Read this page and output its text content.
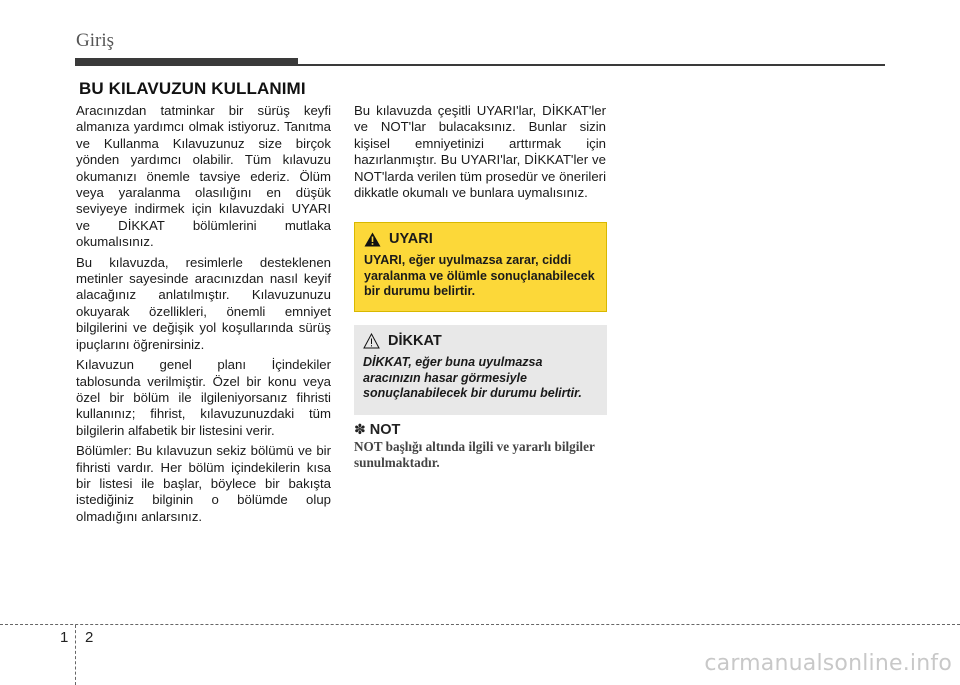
Giriş
BU KILAVUZUN KULLANIMI

Aracınızdan tatminkar bir sürüş keyfi almanıza yardımcı olmak istiyoruz. Tanıtma ve Kullanma Kılavuzunuz size birçok yönden yardımcı olabilir. Tüm kılavuzu okumanızı önemle tavsiye ederiz. Ölüm veya yaralanma olasılığını en düşük seviyeye indirmek için kılavuzdaki UYARI ve DİKKAT bölümlerini mutlaka okumalısınız.

Bu kılavuzda, resimlerle desteklenen metinler sayesinde aracınızdan nasıl keyif alacağınız anlatılmıştır. Kılavuzunuzu okuyarak özellikleri, önemli emniyet bilgilerini ve değişik yol koşullarında sürüş ipuçlarını öğrenirsiniz.

Kılavuzun genel planı İçindekiler tablosunda verilmiştir. Özel bir konu veya özel bir bölüm ile ilgileniyorsanız fihristi kullanınız; fihrist, kılavuzunuzdaki tüm bilgilerin alfabetik bir listesini verir.

Bölümler: Bu kılavuzun sekiz bölümü ve bir fihristi vardır. Her bölüm içindekilerin kısa bir listesi ile başlar, böylece bir bakışta istediğiniz bilginin o bölümde olup olmadığını anlarsınız.

Bu kılavuzda çeşitli UYARI'lar, DİKKAT'ler ve NOT'lar bulacaksınız. Bunlar sizin kişisel emniyetinizi arttırmak için hazırlanmıştır. Bu UYARI'lar, DİKKAT'ler ve NOT'larda verilen tüm prosedür ve önerileri dikkatle okumalı ve bunlara uymalısınız.

UYARI
UYARI, eğer uyulmazsa zarar, ciddi yaralanma ve ölümle sonuçlanabilecek bir durumu belirtir.
DİKKAT
DİKKAT, eğer buna uyulmazsa aracınızın hasar görmesiyle sonuçlanabilecek bir durumu belirtir.
✽ NOT
NOT başlığı altında ilgili ve yararlı bilgiler sunulmaktadır.
1 2
carmanualsonline.info
